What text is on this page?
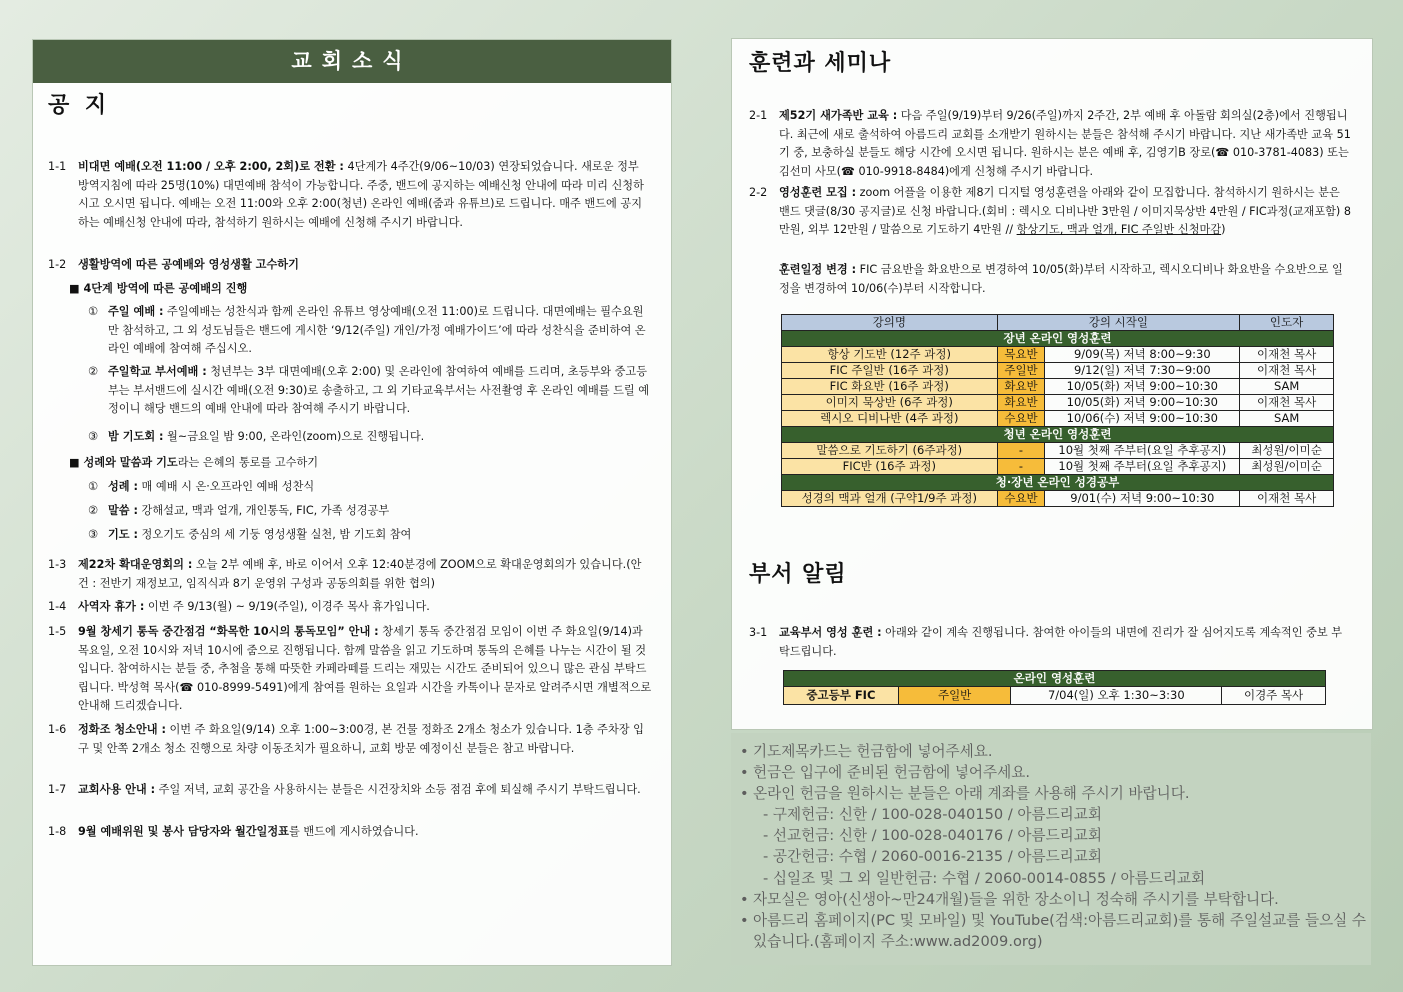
교회소식
공 지
1-1 비대면 예배(오전 11:00 / 오후 2:00, 2회)로 전환 : 4단계가 4주간(9/06~10/03) 연장되었습니다. 새로운 정부 방역지침에 따라 25명(10%) 대면예배 참석이 가능합니다. 주중, 밴드에 공지하는 예배신청 안내에 따라 미리 신청하시고 오시면 됩니다. 예배는 오전 11:00와 오후 2:00(청년) 온라인 예배(줌과 유튜브)로 드립니다. 매주 밴드에 공지하는 예배신청 안내에 따라, 참석하기 원하시는 예배에 신청해 주시기 바랍니다.
1-2 생활방역에 따른 공예배와 영성생활 고수하기
■ 4단계 방역에 따른 공예배의 진행
① 주일 예배 : 주일예배는 성찬식과 함께 온라인 유튜브 영상예배(오전 11:00)로 드립니다. 대면예배는 필수요원만 참석하고, 그 외 성도님들은 밴드에 게시한 ‘9/12(주일) 개인/가정 예배가이드’에 따라 성찬식을 준비하여 온라인 예배에 참여해 주십시오.
② 주일학교 부서예배 : 청년부는 3부 대면예배(오후 2:00) 및 온라인에 참여하여 예배를 드리며, 초등부와 중고등부는 부서밴드에 실시간 예배(오전 9:30)로 송출하고, 그 외 기타교육부서는 사전촬영 후 온라인 예배를 드릴 예정이니 해당 밴드의 예배 안내에 따라 참여해 주시기 바랍니다.
③ 밤 기도회 : 월~금요일 밤 9:00, 온라인(zoom)으로 진행됩니다.
■ 성례와 말씀과 기도라는 은혜의 통로를 고수하기
① 성례 : 매 예배 시 온·오프라인 예배 성찬식
② 말씀 : 강해설교, 맥과 얼개, 개인통독, FIC, 가족 성경공부
③ 기도 : 정오기도 중심의 세 기둥 영성생활 실천, 밤 기도회 참여
1-3 제22차 확대운영회의 : 오늘 2부 예배 후, 바로 이어서 오후 12:40분경에 ZOOM으로 확대운영회의가 있습니다.(안건 : 전반기 재정보고, 임직식과 8기 운영위 구성과 공동의회를 위한 협의)
1-4 사역자 휴가 : 이번 주 9/13(월) ~ 9/19(주일), 이경주 목사 휴가입니다.
1-5 9월 창세기 통독 중간점검 “화목한 10시의 통독모임” 안내 : 창세기 통독 중간점검 모임이 이번 주 화요일(9/14)과 목요일, 오전 10시와 저녁 10시에 줌으로 진행됩니다. 함께 말씀을 읽고 기도하며 통독의 은혜를 나누는 시간이 될 것입니다. 참여하시는 분들 중, 추첨을 통해 따뜻한 카페라떼를 드리는 재밌는 시간도 준비되어 있으니 많은 관심 부탁드립니다. 박성혁 목사(☎ 010-8999-5491)에게 참여를 원하는 요일과 시간을 카톡이나 문자로 알려주시면 개별적으로 안내해 드리겠습니다.
1-6 정화조 청소안내 : 이번 주 화요일(9/14) 오후 1:00~3:00경, 본 건물 정화조 2개소 청소가 있습니다. 1층 주차장 입구 및 안쪽 2개소 청소 진행으로 차량 이동조치가 필요하니, 교회 방문 예정이신 분들은 참고 바랍니다.
1-7 교회사용 안내 : 주일 저녁, 교회 공간을 사용하시는 분들은 시건장치와 소등 점검 후에 퇴실해 주시기 부탁드립니다.
1-8 9월 예배위원 및 봉사 담당자와 월간일정표를 밴드에 게시하였습니다.
훈련과 세미나
2-1 제52기 새가족반 교육 : 다음 주일(9/19)부터 9/26(주일)까지 2주간, 2부 예배 후 아돌람 회의실(2층)에서 진행됩니다. 최근에 새로 출석하여 아름드리 교회를 소개받기 원하시는 분들은 참석해 주시기 바랍니다. 지난 새가족반 교육 51기 중, 보충하실 분들도 해당 시간에 오시면 됩니다. 원하시는 분은 예배 후, 김영기B 장로(☎ 010-3781-4083) 또는 김선미 사모(☎ 010-9918-8484)에게 신청해 주시기 바랍니다.
2-2 영성훈련 모집 : zoom 어플을 이용한 제8기 디지털 영성훈련을 아래와 같이 모집합니다. 참석하시기 원하시는 분은 밴드 댓글(8/30 공지글)로 신청 바랍니다.(회비 : 렉시오 디비나반 3만원 / 이미지묵상반 4만원 / FIC과정(교재포함) 8만원, 외부 12만원 / 말씀으로 기도하기 4만원 // 항상기도, 맥과 얼개, FIC 주일반 신청마감)
훈련일정 변경 : FIC 금요반을 화요반으로 변경하여 10/05(화)부터 시작하고, 렉시오디비나 화요반을 수요반으로 일정을 변경하여 10/06(수)부터 시작합니다.
강의명	강의 시작일		인도자
장년 온라인 영성훈련			
항상 기도반 (12주 과정)	목요반	9/09(목) 저녁 8:00~9:30	이재천 목사
FIC 주일반 (16주 과정)	주일반	9/12(일) 저녁 7:30~9:00	이재천 목사
FIC 화요반 (16주 과정)	화요반	10/05(화) 저녁 9:00~10:30	SAM
이미지 묵상반 (6주 과정)	화요반	10/05(화) 저녁 9:00~10:30	이재천 목사
렉시오 디비나반 (4주 과정)	수요반	10/06(수) 저녁 9:00~10:30	SAM
청년 온라인 영성훈련			
말씀으로 기도하기 (6주과정)	-	10월 첫째 주부터(요일 추후공지)	최성원/이미순
FIC반 (16주 과정)	-	10월 첫째 주부터(요일 추후공지)	최성원/이미순
청·장년 온라인 성경공부			
성경의 맥과 얼개 (구약1/9주 과정)	수요반	9/01(수) 저녁 9:00~10:30	이재천 목사
부서 알림
3-1 교육부서 영성 훈련 : 아래와 같이 계속 진행됩니다. 참여한 아이들의 내면에 진리가 잘 심어지도록 계속적인 중보 부탁드립니다.
온라인 영성훈련
중고등부 FIC	주일반	7/04(일) 오후 1:30~3:30	이경주 목사
• 기도제목카드는 헌금함에 넣어주세요.
• 헌금은 입구에 준비된 헌금함에 넣어주세요.
• 온라인 헌금을 원하시는 분들은 아래 계좌를 사용해 주시기 바랍니다.
- 구제헌금: 신한 / 100-028-040150 / 아름드리교회
- 선교헌금: 신한 / 100-028-040176 / 아름드리교회
- 공간헌금: 수협 / 2060-0016-2135 / 아름드리교회
- 십일조 및 그 외 일반헌금: 수협 / 2060-0014-0855 / 아름드리교회
• 자모실은 영아(신생아~만24개월)들을 위한 장소이니 정숙해 주시기를 부탁합니다.
• 아름드리 홈페이지(PC 및 모바일) 및 YouTube(검색:아름드리교회)를 통해 주일설교를 들으실 수 있습니다.(홈페이지 주소:www.ad2009.org)
